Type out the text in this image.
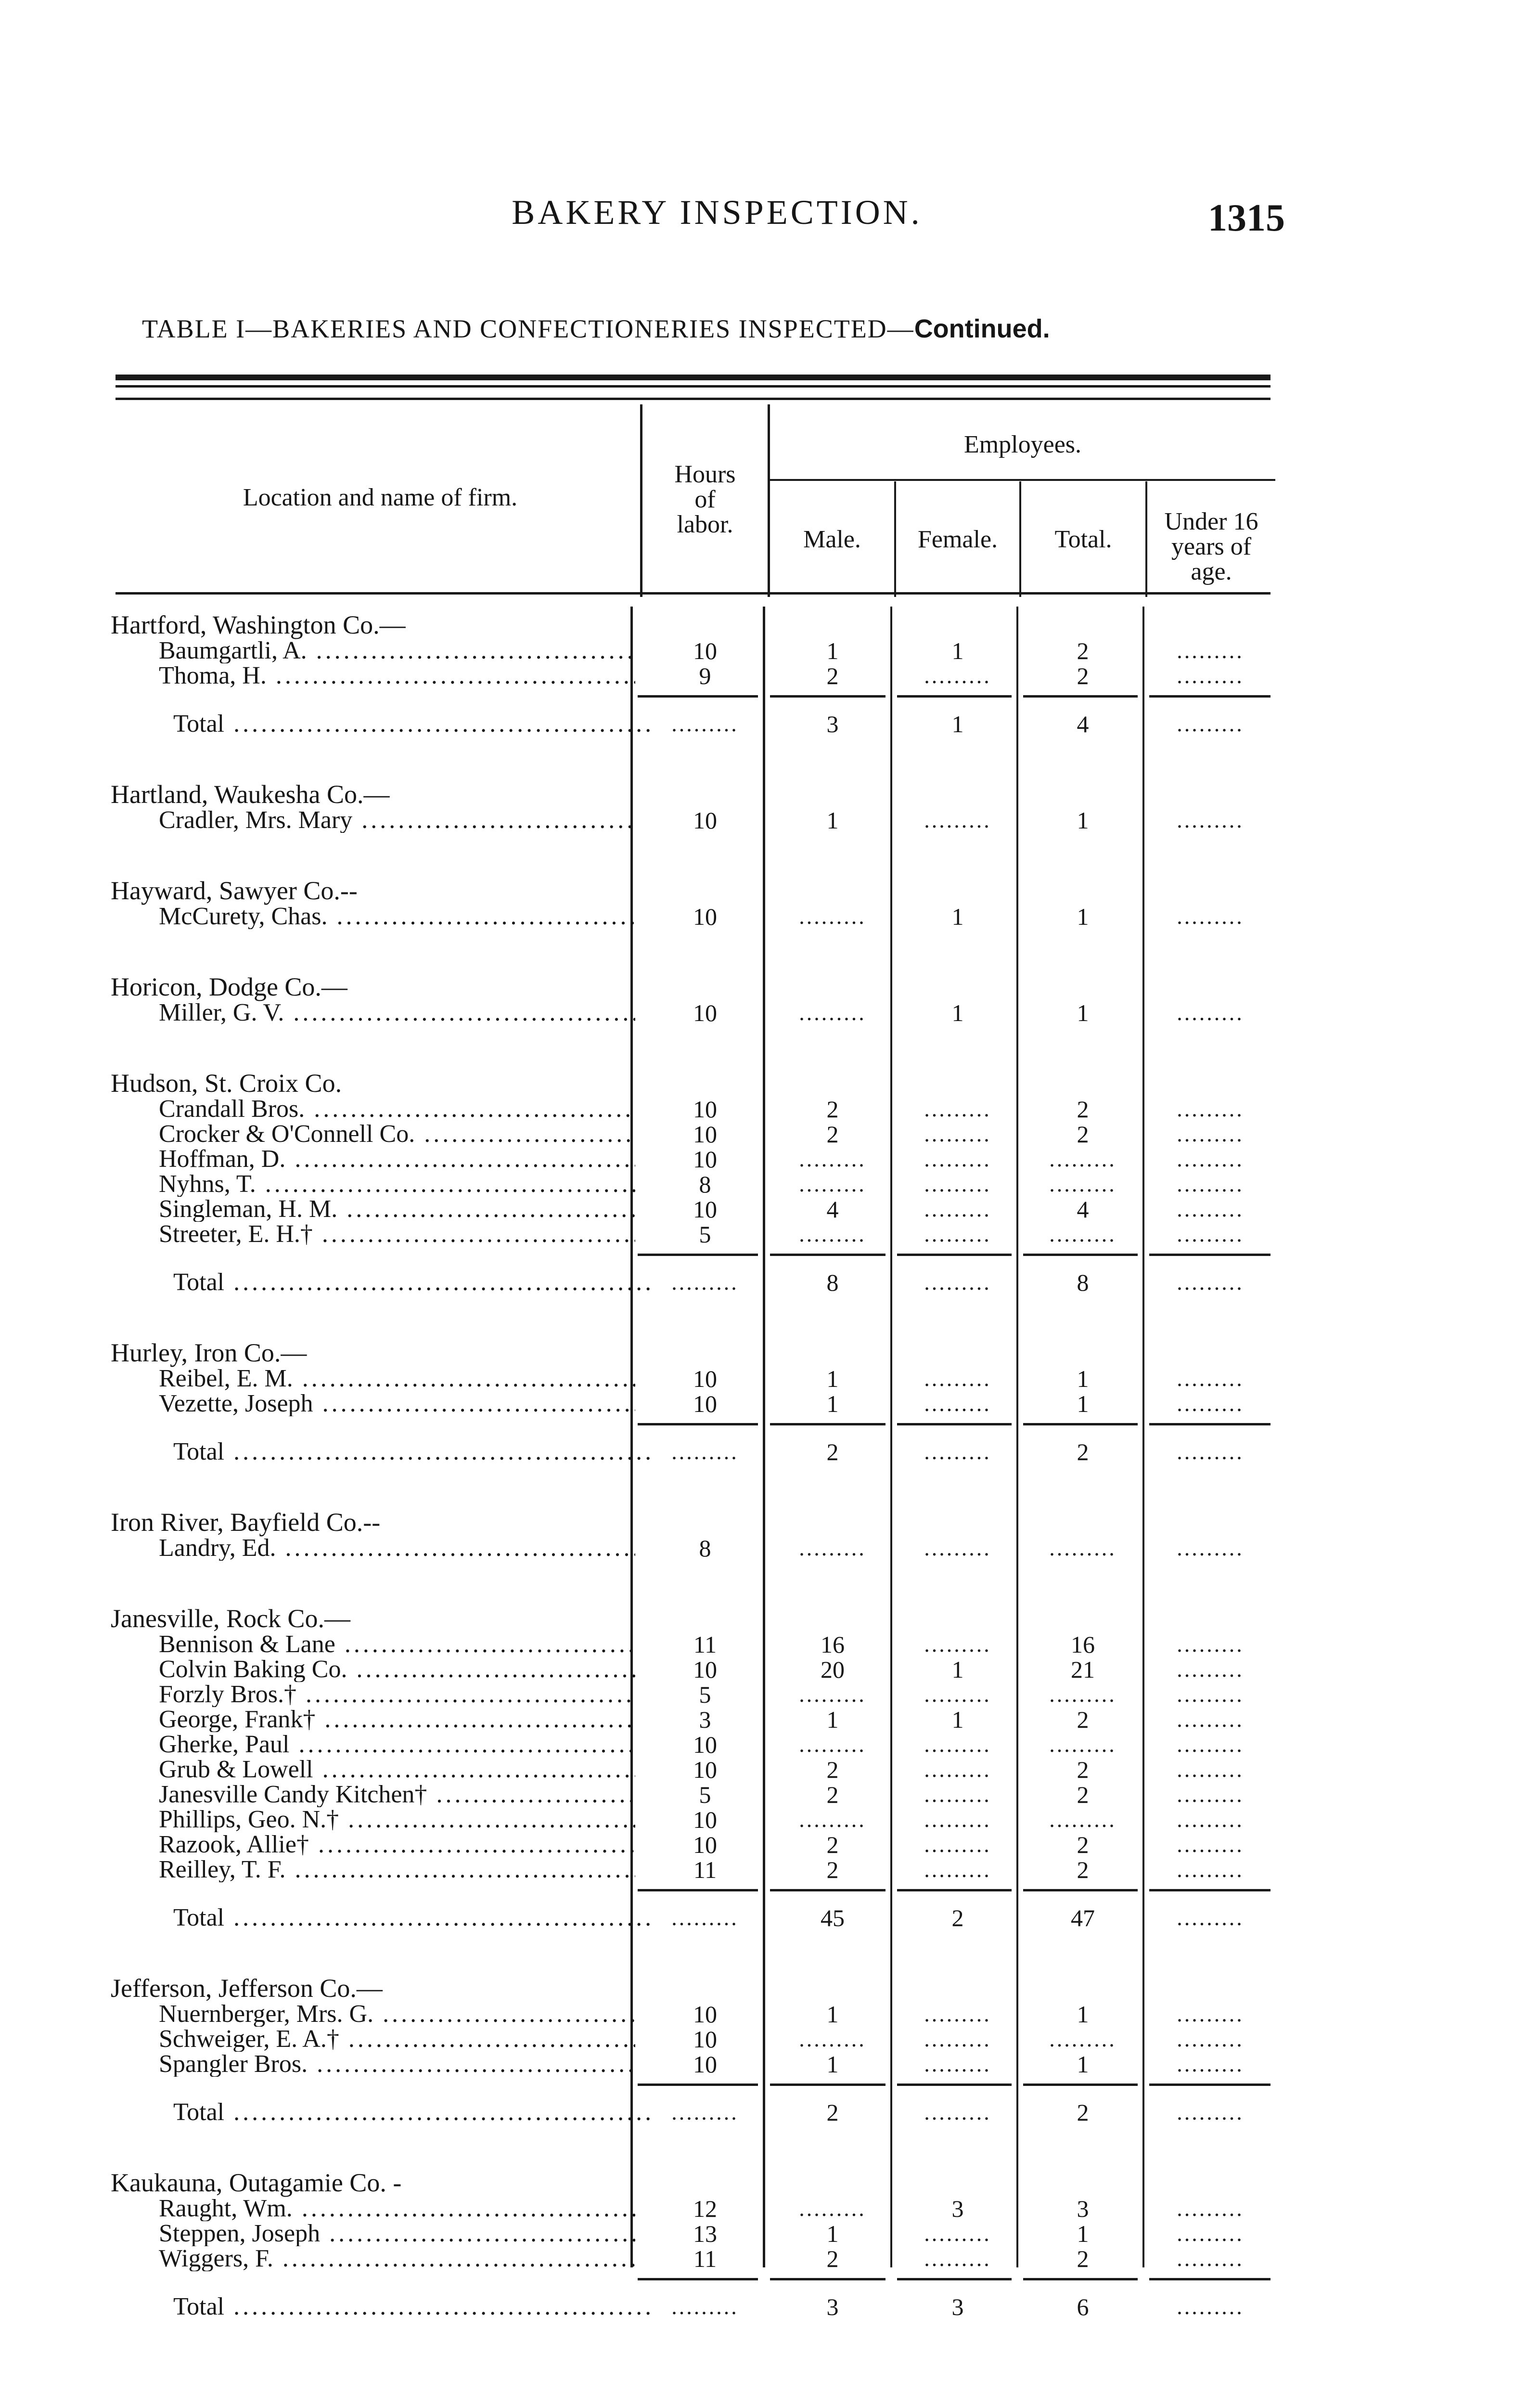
BAKERY INSPECTION.	1315
TABLE I—BAKERIES AND CONFECTIONERIES INSPECTED—Continued.
Location and name of firm.
Hours
of
labor.
Employees.
Male.	Female.	Total.
Under 16
years of
age.
Hartford, Washington Co.—
Baumgartli, A. .....	10	1	1	2	.........
Thoma, H. .....	9	2	.........	2	.........
Total .....	.........	3	1	4	.........
Hartland, Waukesha Co.—
Cradler, Mrs. Mary .....	10	1	.........	1	.........
Hayward, Sawyer Co.--
McCurety, Chas. .....	10	.........	1	1	.........
Horicon, Dodge Co.—
Miller, G. V. .....	10	.........	1	1	.........
Hudson, St. Croix Co.
Crandall Bros. .....	10	2	.........	2	.........
Crocker & O'Connell Co. .....	10	2	.........	2	.........
Hoffman, D. .....	10	.........	.........	.........	.........
Nyhns, T. .....	8	.........	.........	.........	.........
Singleman, H. M. .....	10	4	.........	4	.........
Streeter, E. H.† .....	5	.........	.........	.........	.........
Total .....	.........	8	.........	8	.........
Hurley, Iron Co.—
Reibel, E. M. .....	10	1	.........	1	.........
Vezette, Joseph .....	10	1	.........	1	.........
Total .....	.........	2	.........	2	.........
Iron River, Bayfield Co.--
Landry, Ed. .....	8	.........	.........	.........	.........
Janesville, Rock Co.—
Bennison & Lane .....	11	16	.........	16	.........
Colvin Baking Co. .....	10	20	1	21	.........
Forzly Bros.† .....	5	.........	.........	.........	.........
George, Frank† .....	3	1	1	2	.........
Gherke, Paul .....	10	.........	.........	.........	.........
Grub & Lowell .....	10	2	.........	2	.........
Janesville Candy Kitchen† .....	5	2	.........	2	.........
Phillips, Geo. N.† .....	10	.........	.........	.........	.........
Razook, Allie† .....	10	2	.........	2	.........
Reilley, T. F. .....	11	2	.........	2	.........
Total .....	.........	45	2	47	.........
Jefferson, Jefferson Co.—
Nuernberger, Mrs. G. .....	10	1	.........	1	.........
Schweiger, E. A.† .....	10	.........	.........	.........	.........
Spangler Bros. .....	10	1	.........	1	.........
Total .....	.........	2	.........	2	.........
Kaukauna, Outagamie Co. -
Raught, Wm. .....	12	.........	3	3	.........
Steppen, Joseph .....	13	1	.........	1	.........
Wiggers, F. .....	11	2	.........	2	.........
Total .....	.........	3	3	6	.........
